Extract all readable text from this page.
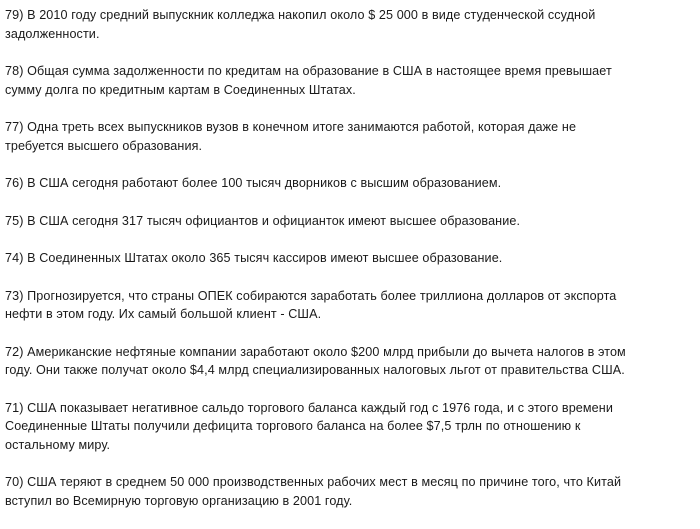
79) В 2010 году средний выпускник колледжа накопил около $ 25 000 в виде студенческой ссудной
задолженности.
78) Общая сумма задолженности по кредитам на образование в США в настоящее время превышает
сумму долга по кредитным картам в Соединенных Штатах.
77) Одна треть всех выпускников вузов в конечном итоге занимаются работой, которая даже не
требуется высшего образования.
76) В США сегодня работают более 100 тысяч дворников с высшим образованием.
75) В США сегодня 317 тысяч официантов и официанток имеют высшее образование.
74) В Соединенных Штатах около 365 тысяч кассиров имеют высшее образование.
73) Прогнозируется, что страны ОПЕК собираются заработать более триллиона долларов от экспорта
нефти в этом году. Их самый большой клиент - США.
72) Американские нефтяные компании заработают около $200 млрд прибыли до вычета налогов в этом
году. Они также получат около $4,4 млрд специализированных налоговых льгот от правительства США.
71) США показывает негативное сальдо торгового баланса каждый год с 1976 года, и с этого времени
Соединенные Штаты получили дефицита торгового баланса на более $7,5 трлн по отношению к
остальному миру.
70) США теряют в среднем 50 000 производственных рабочих мест в месяц по причине того, что Китай
вступил во Всемирную торговую организацию в 2001 году.
